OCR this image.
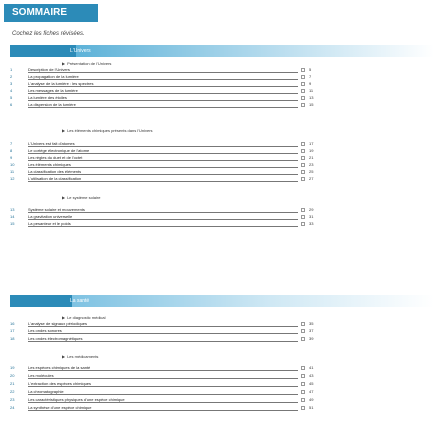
SOMMAIRE
Cochez les fiches révisées.
L'Univers
▶ Présentation de l'Univers
1	Description de l'Univers	5
2	La propagation de la lumière	7
3	L'analyse de la lumière : les spectres	9
4	Les messages de la lumière	11
5	La lumière des étoiles	13
6	La dispersion de la lumière	15
▶ Les éléments chimiques présents dans l'Univers
7	L'Univers est fait d'atomes	17
8	Le cortège électronique de l'atome	19
9	Les règles du duet et de l'octet	21
10	Les éléments chimiques	23
11	La classification des éléments	25
12	L'utilisation de la classification	27
▶ Le système solaire
13	Système solaire et mouvements	29
14	La gravitation universelle	31
15	La pesanteur et le poids	33
La santé
▶ Le diagnostic médical
16	L'analyse de signaux périodiques	35
17	Les ondes sonores	37
18	Les ondes électromagnétiques	39
▶ Les médicaments
19	Les espèces chimiques de la santé	41
20	Les molécules	43
21	L'extraction des espèces chimiques	45
22	La chromatographie	47
23	Les caractéristiques physiques d'une espèce chimique	49
24	La synthèse d'une espèce chimique	51
